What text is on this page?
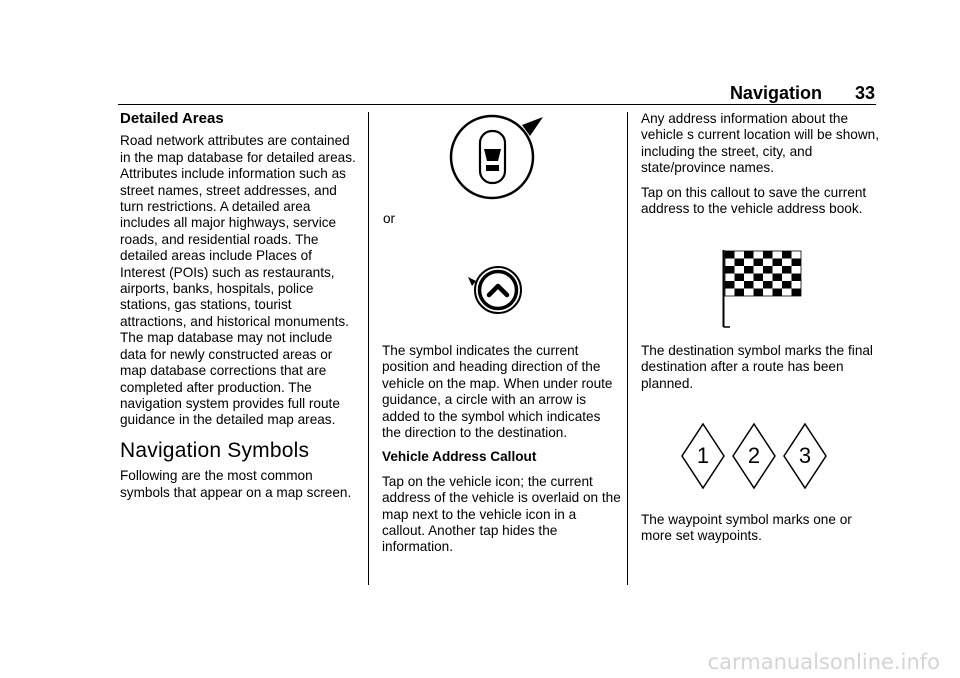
Navigation 33
Detailed Areas

Road network attributes are contained in the map database for detailed areas. Attributes include information such as street names, street addresses, and turn restrictions. A detailed area includes all major highways, service roads, and residential roads. The detailed areas include Places of Interest (POIs) such as restaurants, airports, banks, hospitals, police stations, gas stations, tourist attractions, and historical monuments. The map database may not include data for newly constructed areas or map database corrections that are completed after production. The navigation system provides full route guidance in the detailed map areas.

Navigation Symbols

Following are the most common symbols that appear on a map screen.

or

The symbol indicates the current position and heading direction of the vehicle on the map. When under route guidance, a circle with an arrow is added to the symbol which indicates the direction to the destination.

Vehicle Address Callout

Tap on the vehicle icon; the current address of the vehicle is overlaid on the map next to the vehicle icon in a callout. Another tap hides the information.

Any address information about the vehicle s current location will be shown, including the street, city, and state/province names.

Tap on this callout to save the current address to the vehicle address book.

The destination symbol marks the final destination after a route has been planned.

1 2 3

The waypoint symbol marks one or more set waypoints.

carmanualsonline.info
